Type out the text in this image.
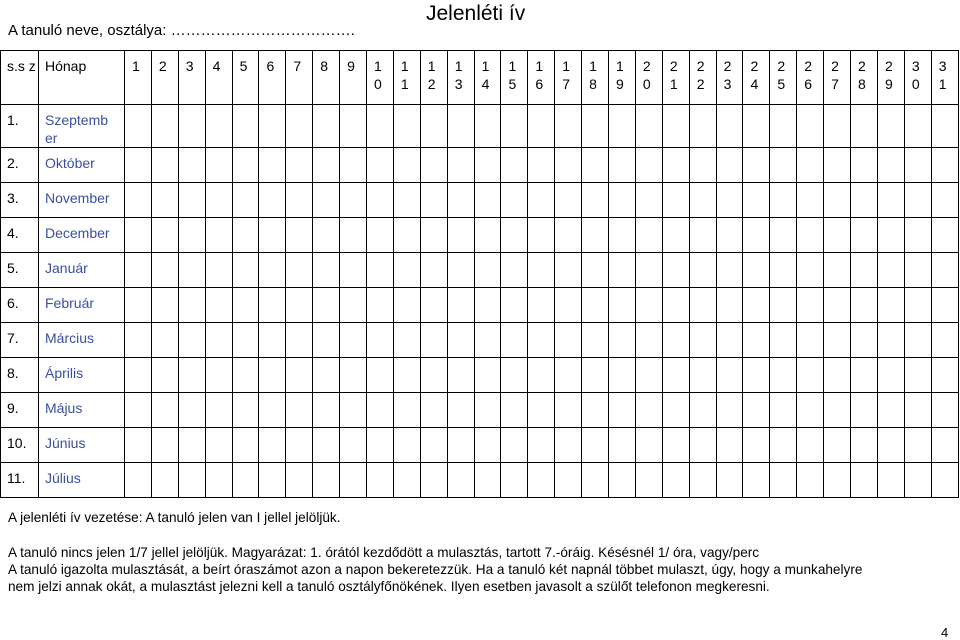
A tanuló neve, osztálya: ……………………………….
Jelenléti ív
s.s z	Hónap	1	2	3	4	5	6	7	8	9	1 0	1 1	1 2	1 3	1 4	1 5	1 6	1 7	1 8	1 9	2 0	2 1	2 2	2 3	2 4	2 5	2 6	2 7	2 8	2 9	3 0	3 1

1.	Szeptemb er																															

2.	Október																															

3.	November																															

4.	December																															

5.	Január																															

6.	Február																															

7.	Március																															

8.	Április																															

9.	Május																															

10.	Június																															

11.	Július																															

A jelenléti ív vezetése: A tanuló jelen van I jellel jelöljük.
A tanuló nincs jelen 1/7 jellel jelöljük. Magyarázat: 1. órától kezdődött a mulasztás, tartott 7.-óráig. Késésnél 1/ óra, vagy/perc
A tanuló igazolta mulasztását, a beírt óraszámot azon a napon bekeretezzük. Ha a tanuló két napnál többet mulaszt, úgy, hogy a munkahelyre
nem jelzi annak okát, a mulasztást jelezni kell a tanuló osztályfőnökének. Ilyen esetben javasolt a szülőt telefonon megkeresni.
4
